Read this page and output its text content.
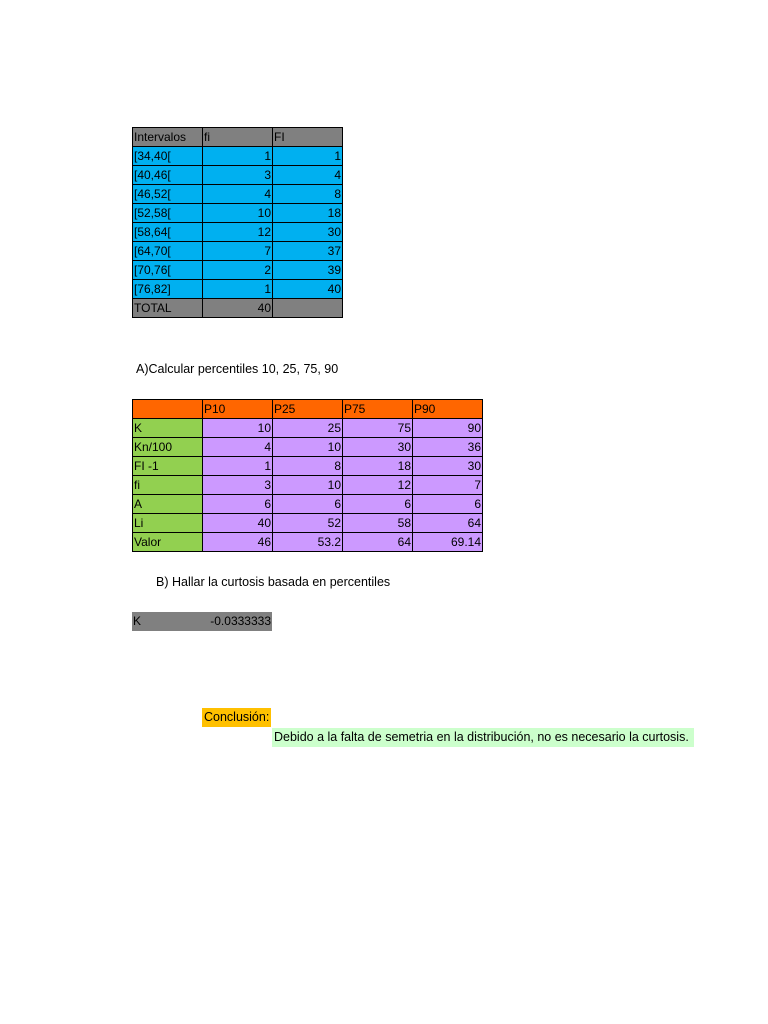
Intervalos	fi	FI
[34,40[	1	1
[40,46[	3	4
[46,52[	4	8
[52,58[	10	18
[58,64[	12	30
[64,70[	7	37
[70,76[	2	39
[76,82]	1	40
TOTAL	40	
A)Calcular percentiles 10, 25, 75, 90
	P10	P25	P75	P90
K	10	25	75	90
Kn/100	4	10	30	36
FI -1	1	8	18	30
fi	3	10	12	7
A	6	6	6	6
Li	40	52	58	64
Valor	46	53.2	64	69.14
B) Hallar la curtosis basada en percentiles
K	-0.0333333
Conclusión:
Debido a la falta de semetria en la distribución, no es necesario la curtosis.
